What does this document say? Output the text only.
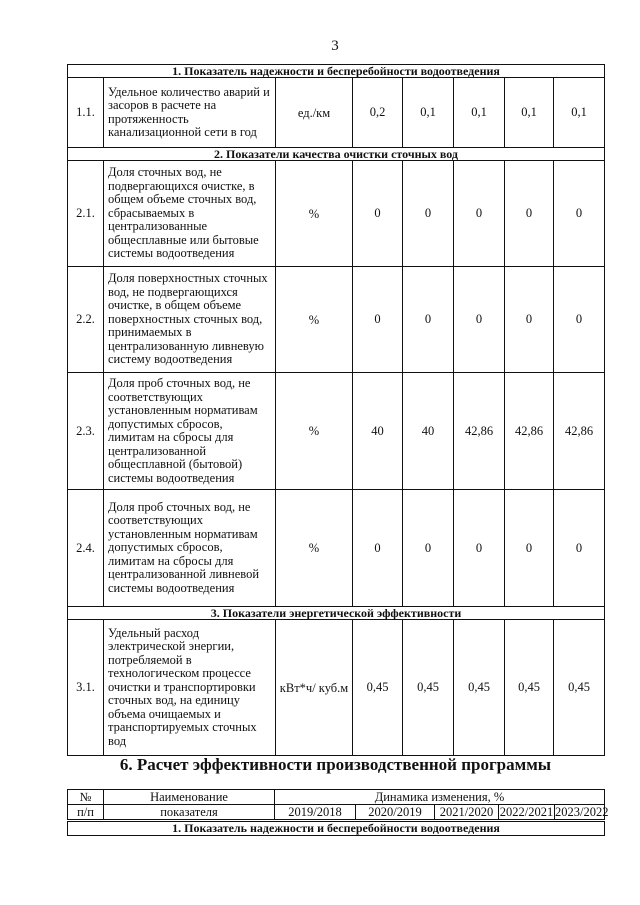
3
1. Показатель надежности и бесперебойности водоотведения							
1.1.	Удельное количество аварий и засоров в расчете на протяженность канализационной сети в год	ед./км	0,2	0,1	0,1	0,1	0,1
2. Показатели качества очистки сточных вод							
2.1.	Доля сточных вод, не подвергающихся очистке, в общем объеме сточных вод, сбрасываемых в централизованные общесплавные или бытовые системы водоотведения	%	0	0	0	0	0
2.2.	Доля поверхностных сточных вод, не подвергающихся очистке, в общем объеме поверхностных сточных вод, принимаемых в централизованную ливневую систему водоотведения	%	0	0	0	0	0
2.3.	Доля проб сточных вод, не соответствующих установленным нормативам допустимых сбросов, лимитам на сбросы для централизованной общесплавной (бытовой) системы водоотведения	%	40	40	42,86	42,86	42,86
2.4.	Доля проб сточных вод, не соответствующих установленным нормативам допустимых сбросов, лимитам на сбросы для централизованной ливневой системы водоотведения	%	0	0	0	0	0
3. Показатели энергетической эффективности							
3.1.	Удельный расход электрической энергии, потребляемой в технологическом процессе очистки и транспортировки сточных вод, на единицу объема очищаемых и транспортируемых сточных вод	кВт*ч/ куб.м	0,45	0,45	0,45	0,45	0,45
6. Расчет эффективности производственной программы
№	Наименование	Динамика изменения, %				
п/п	показателя	2019/2018	2020/2019	2021/2020	2022/2021	2023/2022
1. Показатель надежности и бесперебойности водоотведения						
